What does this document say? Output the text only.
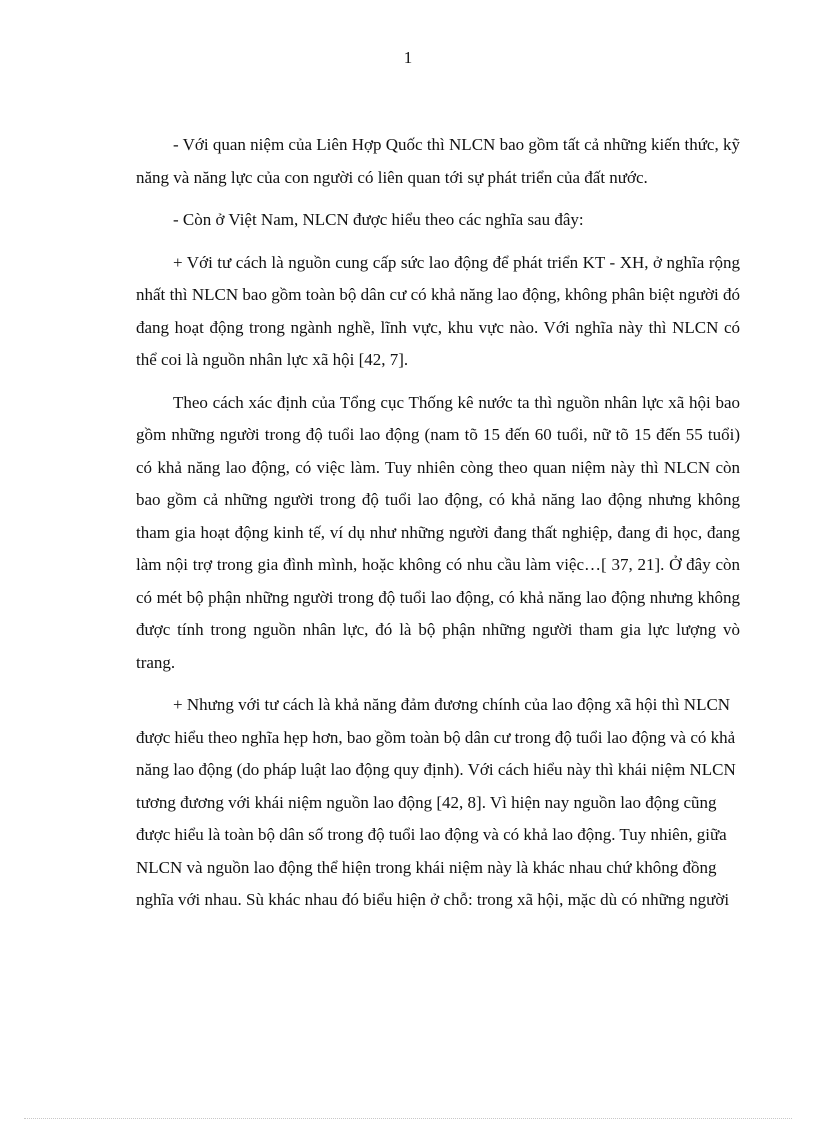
1

- Với quan niệm của Liên Hợp Quốc thì NLCN bao gồm tất cả những kiến thức, kỹ năng và năng lực của con người có liên quan tới sự phát triển của đất nước.

- Còn ở Việt Nam, NLCN được hiểu theo các nghĩa sau đây:

+ Với tư cách là nguồn cung cấp sức lao động để phát triển KT - XH, ở nghĩa rộng nhất thì NLCN bao gồm toàn bộ dân cư có khả năng lao động, không phân biệt người đó đang hoạt động trong ngành nghề, lĩnh vực, khu vực nào. Với nghĩa này thì NLCN có thể coi là nguồn nhân lực xã hội [42, 7].

Theo cách xác định của Tổng cục Thống kê nước ta thì nguồn nhân lực xã hội bao gồm những người trong độ tuổi lao động (nam tõ 15 đến 60 tuổi, nữ tõ 15 đến 55 tuổi) có khả năng lao động, có việc làm. Tuy nhiên còng theo quan niệm này thì NLCN còn bao gồm cả những người trong độ tuổi lao động, có khả năng lao động nhưng không tham gia hoạt động kinh tế, ví dụ như những người đang thất nghiệp, đang đi học, đang làm nội trợ trong gia đình mình, hoặc không có nhu cầu làm việc…[ 37, 21]. Ở đây còn có mét bộ phận những người trong độ tuổi lao động, có khả năng lao động nhưng không được tính trong nguồn nhân lực, đó là bộ phận những người tham gia lực lượng vò trang.

+ Nhưng với tư cách là khả năng đảm đương chính của lao động xã hội thì NLCN được hiểu theo nghĩa hẹp hơn, bao gồm toàn bộ dân cư trong độ tuổi lao động và có khả năng lao động (do pháp luật lao động quy định). Với cách hiểu này thì khái niệm NLCN tương đương với khái niệm nguồn lao động [42, 8]. Vì hiện nay nguồn lao động cũng được hiểu là toàn bộ dân số trong độ tuổi lao động và có khả lao động. Tuy nhiên, giữa NLCN và nguồn lao động thể hiện trong khái niệm này là khác nhau chứ không đồng nghĩa với nhau. Sù khác nhau đó biểu hiện ở chỗ: trong xã hội, mặc dù có những người
